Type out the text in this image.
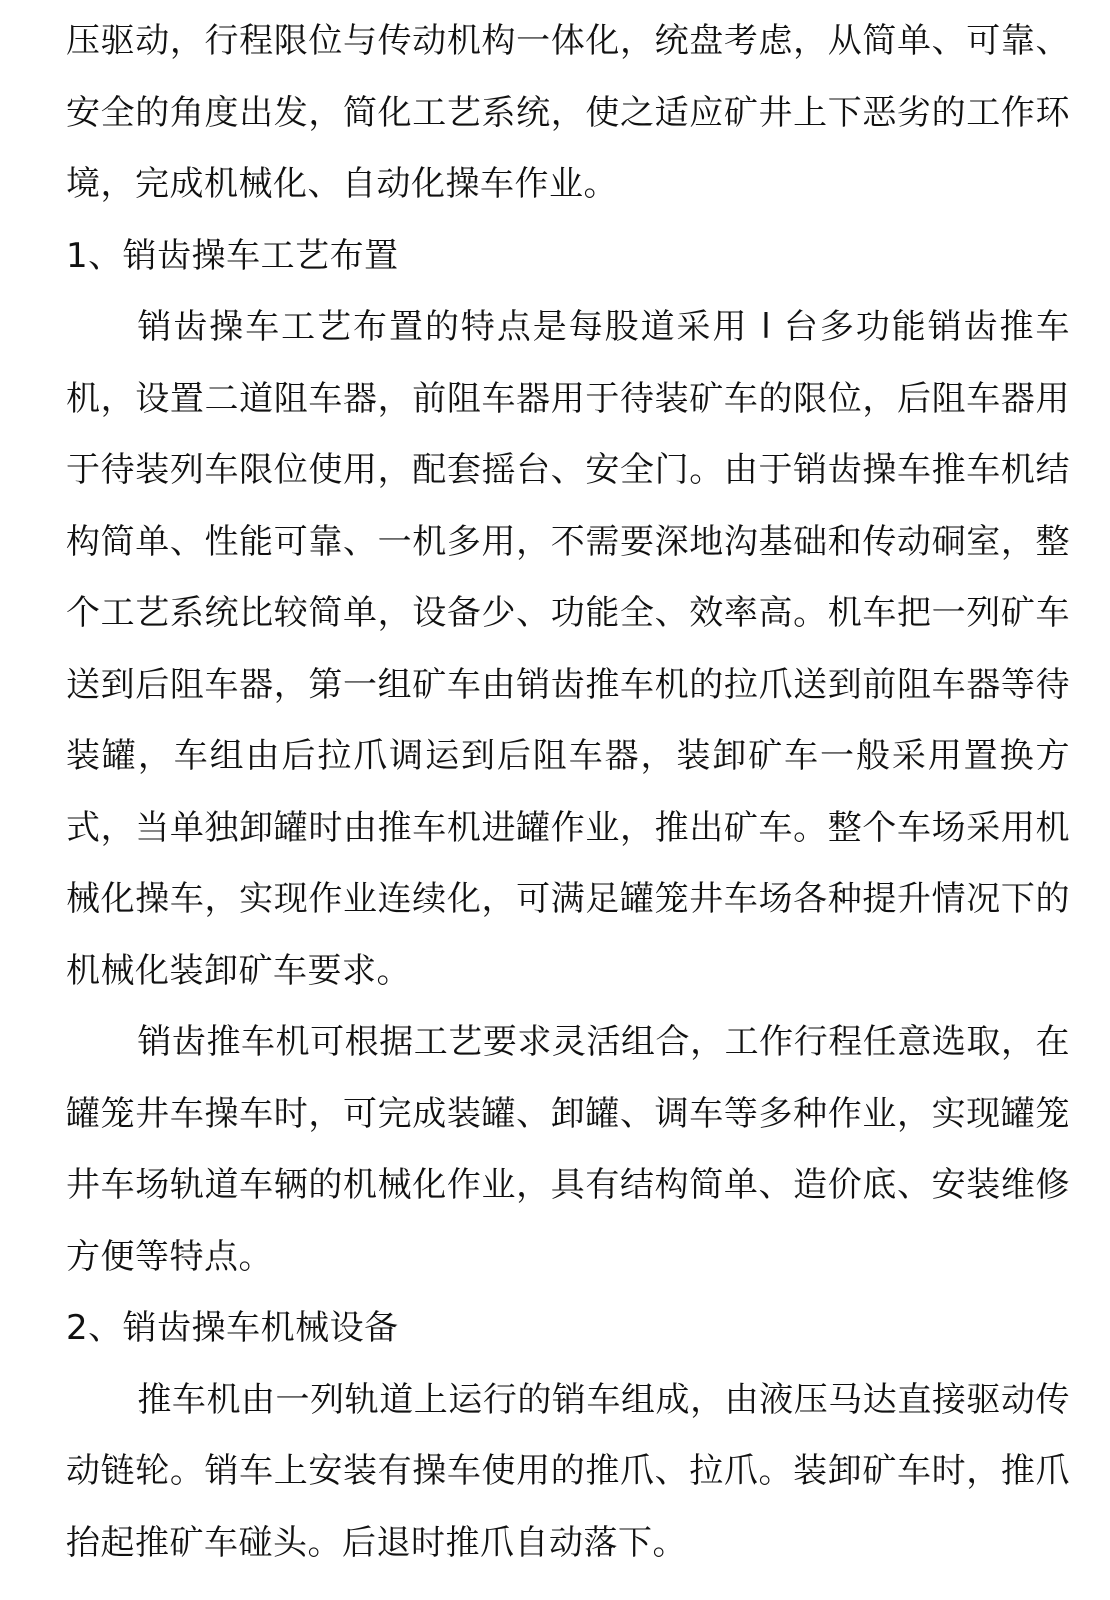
压驱动，行程限位与传动机构一体化，统盘考虑，从简单、可靠、安全的角度出发，简化工艺系统，使之适应矿井上下恶劣的工作环境，完成机械化、自动化操车作业。

1、销齿操车工艺布置

销齿操车工艺布置的特点是每股道采用 l 台多功能销齿推车机，设置二道阻车器，前阻车器用于待装矿车的限位，后阻车器用于待装列车限位使用，配套摇台、安全门。由于销齿操车推车机结构简单、性能可靠、一机多用，不需要深地沟基础和传动硐室，整个工艺系统比较简单，设备少、功能全、效率高。机车把一列矿车送到后阻车器，第一组矿车由销齿推车机的拉爪送到前阻车器等待装罐，车组由后拉爪调运到后阻车器，装卸矿车一般采用置换方式，当单独卸罐时由推车机进罐作业，推出矿车。整个车场采用机械化操车，实现作业连续化，可满足罐笼井车场各种提升情况下的机械化装卸矿车要求。

销齿推车机可根据工艺要求灵活组合，工作行程任意选取，在罐笼井车操车时，可完成装罐、卸罐、调车等多种作业，实现罐笼井车场轨道车辆的机械化作业，具有结构简单、造价底、安装维修方便等特点。

2、销齿操车机械设备

推车机由一列轨道上运行的销车组成，由液压马达直接驱动传动链轮。销车上安装有操车使用的推爪、拉爪。装卸矿车时，推爪抬起推矿车碰头。后退时推爪自动落下。
